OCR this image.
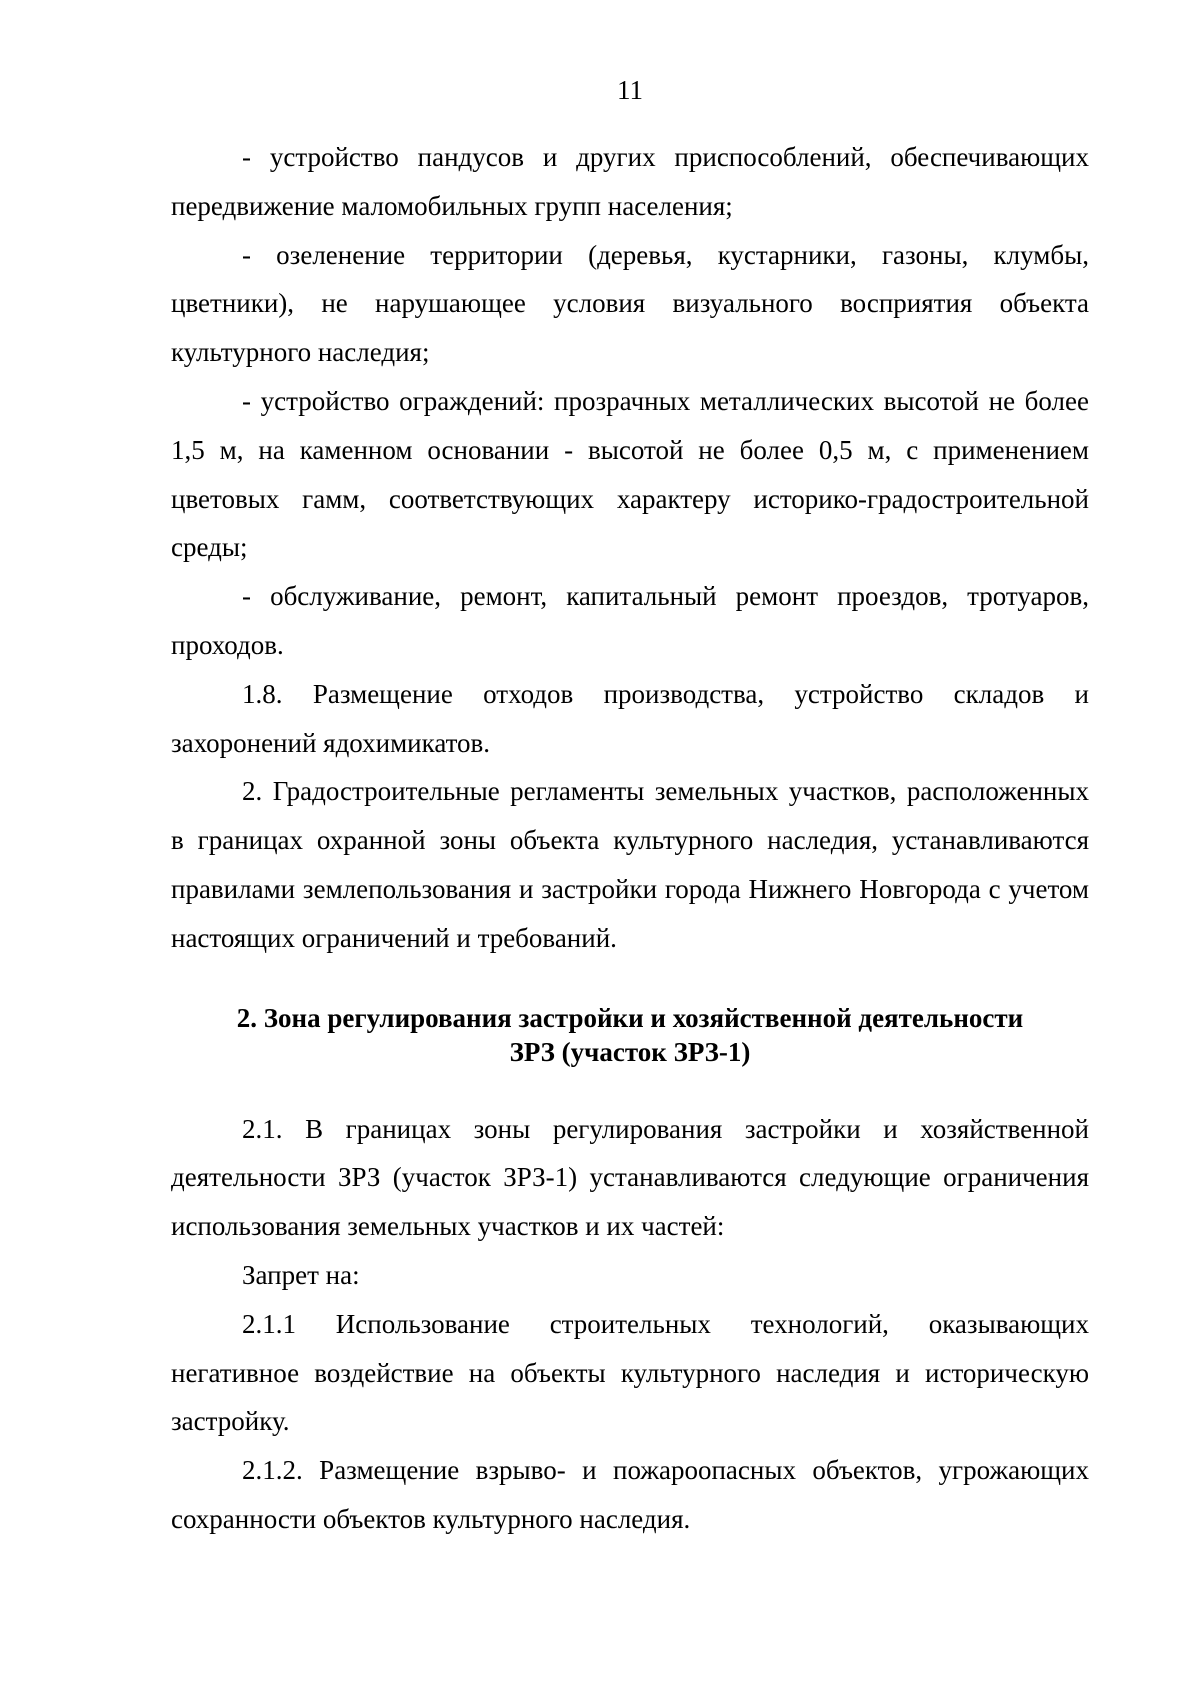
11

- устройство пандусов и других приспособлений, обеспечивающих передвижение маломобильных групп населения;

- озеленение территории (деревья, кустарники, газоны, клумбы, цветники), не нарушающее условия визуального восприятия объекта культурного наследия;

- устройство ограждений: прозрачных металлических высотой не более 1,5 м, на каменном основании - высотой не более 0,5 м, с применением цветовых гамм, соответствующих характеру историко-градостроительной среды;

- обслуживание, ремонт, капитальный ремонт проездов, тротуаров, проходов.

1.8. Размещение отходов производства, устройство складов и захоронений ядохимикатов.

2. Градостроительные регламенты земельных участков, расположенных в границах охранной зоны объекта культурного наследия, устанавливаются правилами землепользования и застройки города Нижнего Новгорода с учетом настоящих ограничений и требований.

2. Зона регулирования застройки и хозяйственной деятельности

ЗРЗ (участок ЗРЗ-1)

2.1. В границах зоны регулирования застройки и хозяйственной деятельности ЗРЗ (участок ЗРЗ-1) устанавливаются следующие ограничения использования земельных участков и их частей:

Запрет на:

2.1.1 Использование строительных технологий, оказывающих негативное воздействие на объекты культурного наследия и историческую застройку.

2.1.2. Размещение взрыво- и пожароопасных объектов, угрожающих сохранности объектов культурного наследия.
